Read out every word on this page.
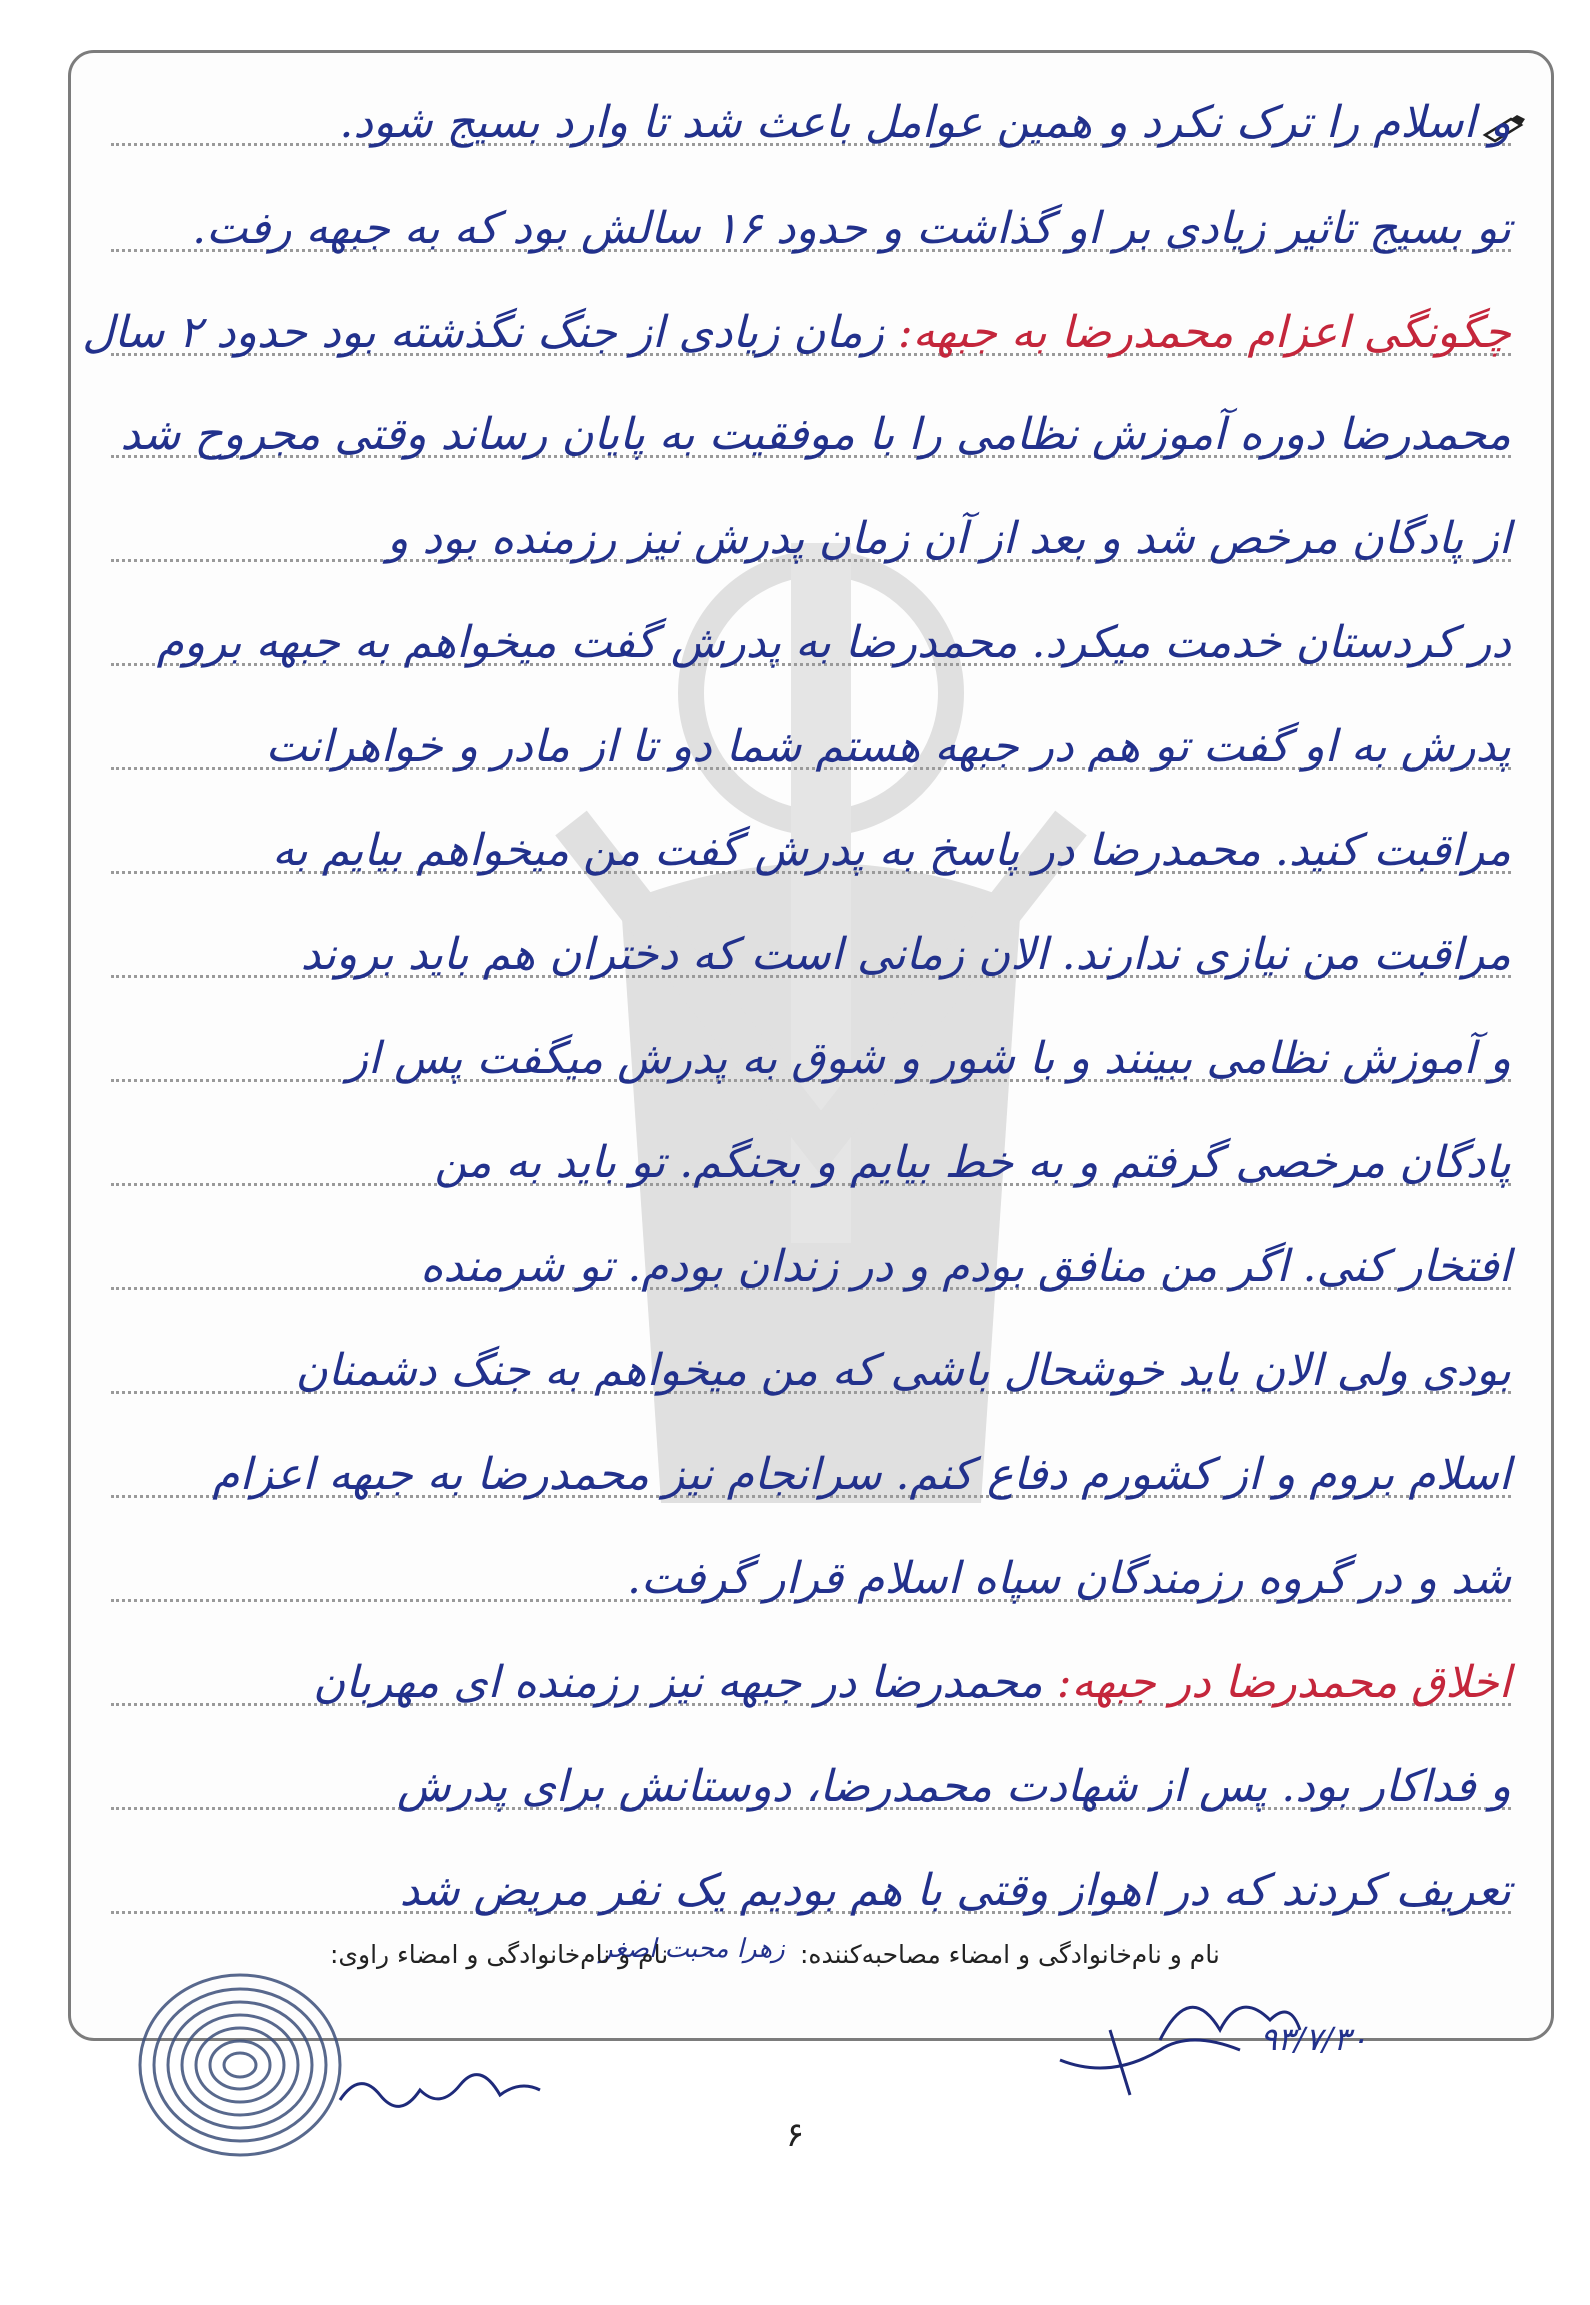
و اسلام را ترک نکرد و همین عوامل باعث شد تا وارد بسیج شود.
تو بسیج تاثیر زیادی بر او گذاشت و حدود ۱۶ سالش بود که به جبهه رفت.
چگونگی اعزام محمدرضا به جبهه: زمان زیادی از جنگ نگذشته بود حدود ۲ سال
محمدرضا دوره آموزش نظامی را با موفقیت به پایان رساند وقتی مجروح شد
از پادگان مرخص شد و بعد از آن زمان پدرش نیز رزمنده بود و
در کردستان خدمت میکرد. محمدرضا به پدرش گفت میخواهم به جبهه بروم
پدرش به او گفت تو هم در جبهه هستم شما دو تا از مادر و خواهرانت
مراقبت کنید. محمدرضا در پاسخ به پدرش گفت من میخواهم بیایم به
مراقبت من نیازی ندارند. الان زمانی است که دختران هم باید بروند
و آموزش نظامی ببینند و با شور و شوق به پدرش میگفت پس از
پادگان مرخصی گرفتم و به خط بیایم و بجنگم. تو باید به من
افتخار کنی. اگر من منافق بودم و در زندان بودم. تو شرمنده
بودی ولی الان باید خوشحال باشی که من میخواهم به جنگ دشمنان
اسلام بروم و از کشورم دفاع کنم. سرانجام نیز محمدرضا به جبهه اعزام
شد و در گروه رزمندگان سپاه اسلام قرار گرفت.
اخلاق محمدرضا در جبهه: محمدرضا در جبهه نیز رزمنده ای مهربان
و فداکار بود. پس از شهادت محمدرضا، دوستانش برای پدرش
تعریف کردند که در اهواز وقتی با هم بودیم یک نفر مریض شد
نام و نام‌خانوادگی و امضاء مصاحبه‌کننده:
زهرا محبت اصغر
نام و نام‌خانوادگی و امضاء راوی:
۹۳/۷/۳۰
۶
